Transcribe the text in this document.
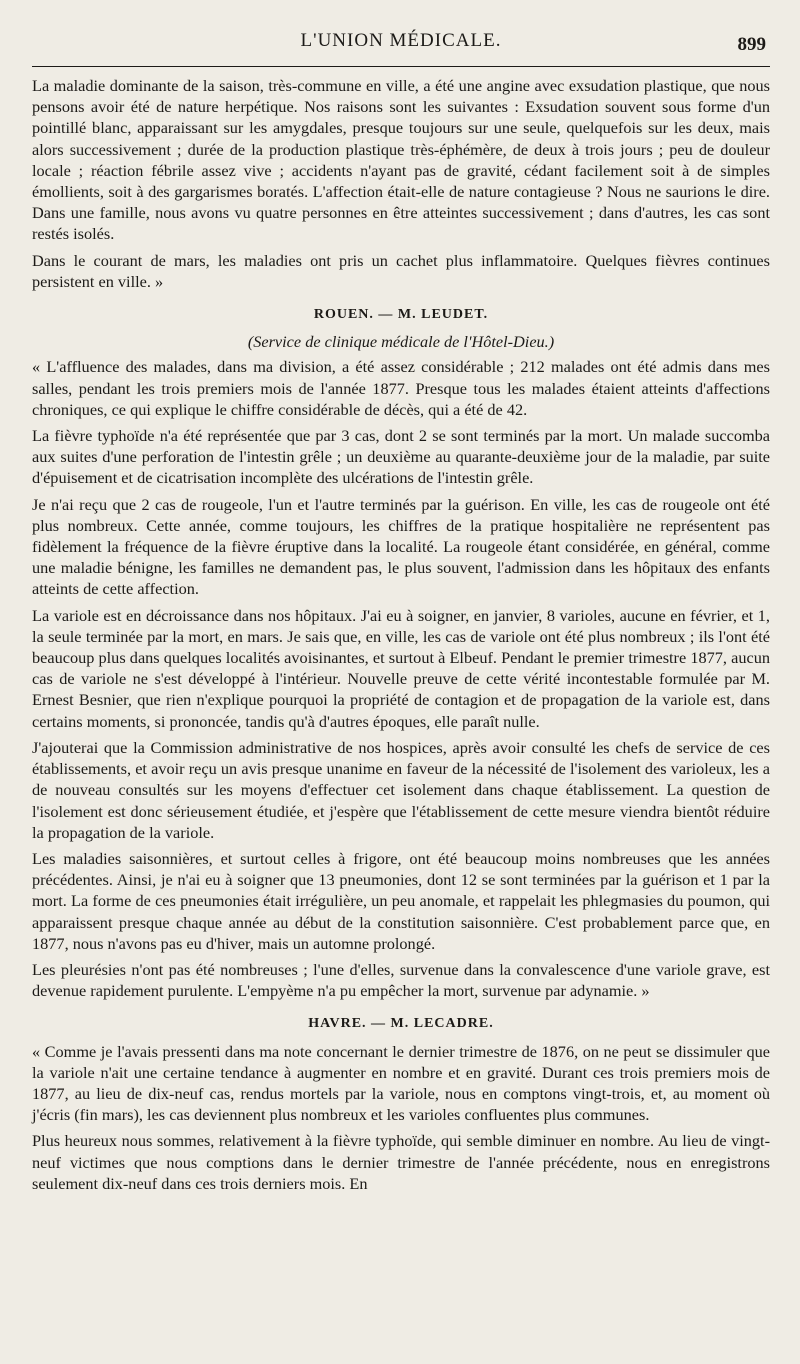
L'UNION MÉDICALE.	899

La maladie dominante de la saison, très-commune en ville, a été une angine avec exsudation plastique, que nous pensons avoir été de nature herpétique. Nos raisons sont les suivantes : Exsudation souvent sous forme d'un pointillé blanc, apparaissant sur les amygdales, presque toujours sur une seule, quelquefois sur les deux, mais alors successivement ; durée de la production plastique très-éphémère, de deux à trois jours ; peu de douleur locale ; réaction fébrile assez vive ; accidents n'ayant pas de gravité, cédant facilement soit à de simples émollients, soit à des gargarismes boratés. L'affection était-elle de nature contagieuse ? Nous ne saurions le dire. Dans une famille, nous avons vu quatre personnes en être atteintes successivement ; dans d'autres, les cas sont restés isolés.

Dans le courant de mars, les maladies ont pris un cachet plus inflammatoire. Quelques fièvres continues persistent en ville. »

ROUEN. — M. LEUDET.
(Service de clinique médicale de l'Hôtel-Dieu.)

« L'affluence des malades, dans ma division, a été assez considérable ; 212 malades ont été admis dans mes salles, pendant les trois premiers mois de l'année 1877. Presque tous les malades étaient atteints d'affections chroniques, ce qui explique le chiffre considérable de décès, qui a été de 42.

La fièvre typhoïde n'a été représentée que par 3 cas, dont 2 se sont terminés par la mort. Un malade succomba aux suites d'une perforation de l'intestin grêle ; un deuxième au quarante-deuxième jour de la maladie, par suite d'épuisement et de cicatrisation incomplète des ulcérations de l'intestin grêle.

Je n'ai reçu que 2 cas de rougeole, l'un et l'autre terminés par la guérison. En ville, les cas de rougeole ont été plus nombreux. Cette année, comme toujours, les chiffres de la pratique hospitalière ne représentent pas fidèlement la fréquence de la fièvre éruptive dans la localité. La rougeole étant considérée, en général, comme une maladie bénigne, les familles ne demandent pas, le plus souvent, l'admission dans les hôpitaux des enfants atteints de cette affection.

La variole est en décroissance dans nos hôpitaux. J'ai eu à soigner, en janvier, 8 varioles, aucune en février, et 1, la seule terminée par la mort, en mars. Je sais que, en ville, les cas de variole ont été plus nombreux ; ils l'ont été beaucoup plus dans quelques localités avoisinantes, et surtout à Elbeuf. Pendant le premier trimestre 1877, aucun cas de variole ne s'est développé à l'intérieur. Nouvelle preuve de cette vérité incontestable formulée par M. Ernest Besnier, que rien n'explique pourquoi la propriété de contagion et de propagation de la variole est, dans certains moments, si prononcée, tandis qu'à d'autres époques, elle paraît nulle.

J'ajouterai que la Commission administrative de nos hospices, après avoir consulté les chefs de service de ces établissements, et avoir reçu un avis presque unanime en faveur de la nécessité de l'isolement des varioleux, les a de nouveau consultés sur les moyens d'effectuer cet isolement dans chaque établissement. La question de l'isolement est donc sérieusement étudiée, et j'espère que l'établissement de cette mesure viendra bientôt réduire la propagation de la variole.

Les maladies saisonnières, et surtout celles à frigore, ont été beaucoup moins nombreuses que les années précédentes. Ainsi, je n'ai eu à soigner que 13 pneumonies, dont 12 se sont terminées par la guérison et 1 par la mort. La forme de ces pneumonies était irrégulière, un peu anomale, et rappelait les phlegmasies du poumon, qui apparaissent presque chaque année au début de la constitution saisonnière. C'est probablement parce que, en 1877, nous n'avons pas eu d'hiver, mais un automne prolongé.

Les pleurésies n'ont pas été nombreuses ; l'une d'elles, survenue dans la convalescence d'une variole grave, est devenue rapidement purulente. L'empyème n'a pu empêcher la mort, survenue par adynamie. »

HAVRE. — M. LECADRE.

« Comme je l'avais pressenti dans ma note concernant le dernier trimestre de 1876, on ne peut se dissimuler que la variole n'ait une certaine tendance à augmenter en nombre et en gravité. Durant ces trois premiers mois de 1877, au lieu de dix-neuf cas, rendus mortels par la variole, nous en comptons vingt-trois, et, au moment où j'écris (fin mars), les cas deviennent plus nombreux et les varioles confluentes plus communes.

Plus heureux nous sommes, relativement à la fièvre typhoïde, qui semble diminuer en nombre. Au lieu de vingt-neuf victimes que nous comptions dans le dernier trimestre de l'année précédente, nous en enregistrons seulement dix-neuf dans ces trois derniers mois. En
